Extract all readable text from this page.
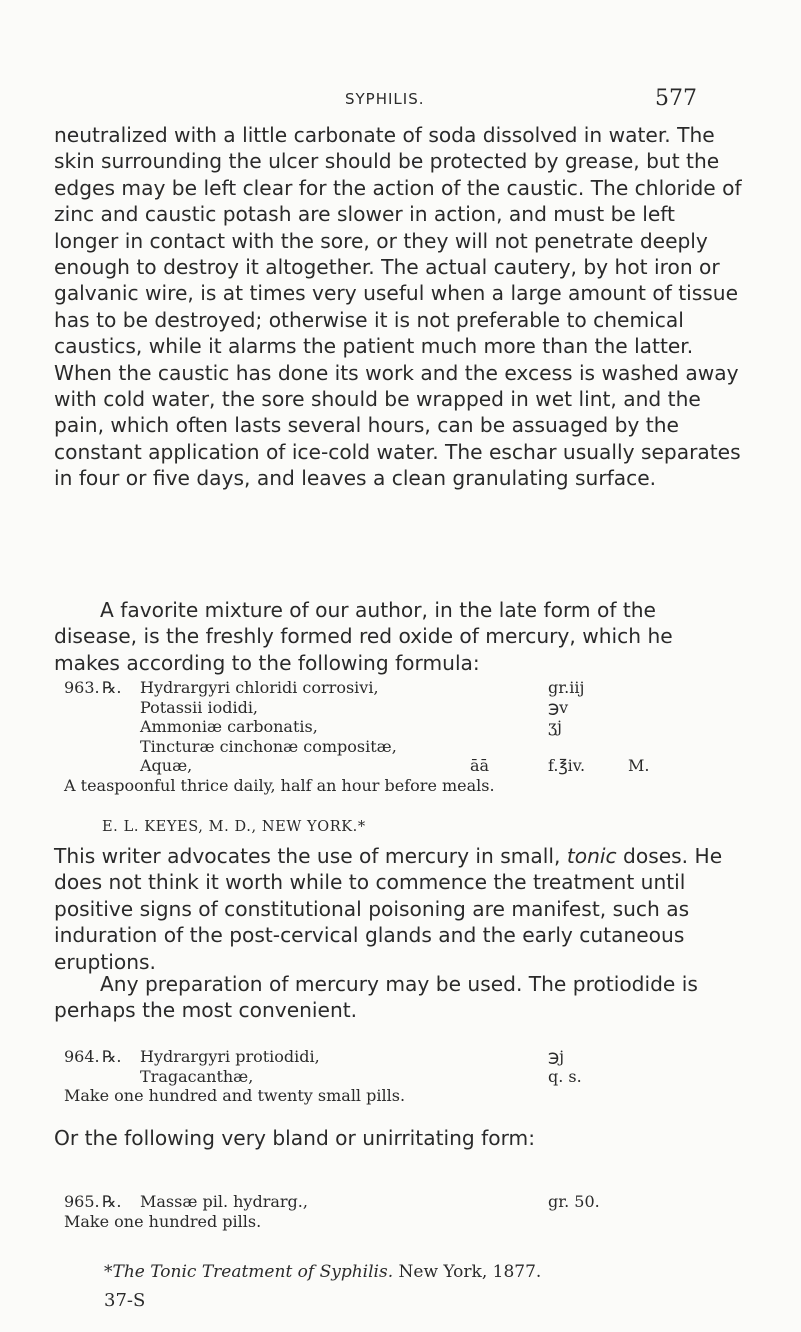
SYPHILIS.	577

neutralized with a little carbonate of soda dissolved in water. The skin surrounding the ulcer should be protected by grease, but the edges may be left clear for the action of the caustic. The chloride of zinc and caustic potash are slower in action, and must be left longer in contact with the sore, or they will not penetrate deeply enough to destroy it altogether. The actual cautery, by hot iron or galvanic wire, is at times very useful when a large amount of tissue has to be destroyed; otherwise it is not preferable to chemical caustics, while it alarms the patient much more than the latter. When the caustic has done its work and the excess is washed away with cold water, the sore should be wrapped in wet lint, and the pain, which often lasts several hours, can be assuaged by the constant application of ice-cold water. The eschar usually separates in four or five days, and leaves a clean granulating surface.

A favorite mixture of our author, in the late form of the disease, is the freshly formed red oxide of mercury, which he makes according to the following formula:

963. ℞. Hydrargyri chloridi corrosivi,	gr.iij
Potassii iodidi,	℈v
Ammoniæ carbonatis,	ʒj
Tincturæ cinchonæ compositæ,
Aquæ,	āā	f.℥iv.	M.
A teaspoonful thrice daily, half an hour before meals.
E. L. KEYES, M. D., NEW YORK.*

This writer advocates the use of mercury in small, tonic doses. He does not think it worth while to commence the treatment until positive signs of constitutional poisoning are manifest, such as induration of the post-cervical glands and the early cutaneous eruptions.

Any preparation of mercury may be used. The protiodide is perhaps the most convenient.

964. ℞. Hydrargyri protiodidi,	℈j
Tragacanthæ,	q. s.
Make one hundred and twenty small pills.

Or the following very bland or unirritating form:

965. ℞. Massæ pil. hydrarg.,	gr. 50.
Make one hundred pills.
*The Tonic Treatment of Syphilis. New York, 1877.
37-S
